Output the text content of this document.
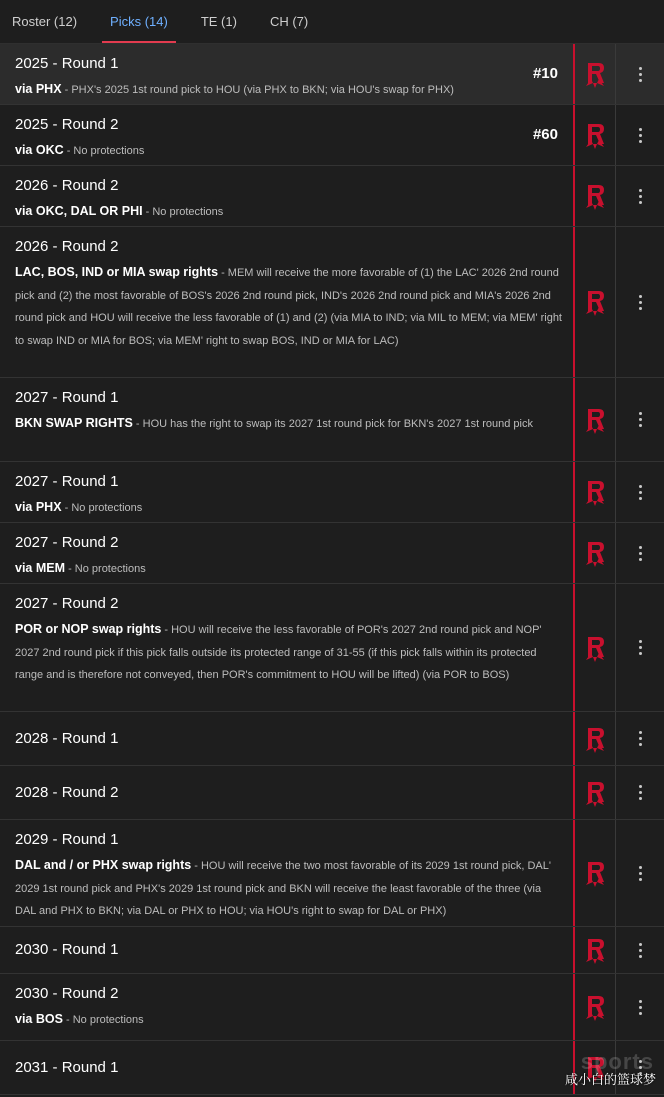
Roster (12)	Picks (14)	TE (1)	CH (7)
2025 - Round 1
via PHX - PHX's 2025 1st round pick to HOU (via PHX to BKN; via HOU's swap for PHX)
#10
2025 - Round 2
via OKC - No protections
#60
2026 - Round 2
via OKC, DAL OR PHI - No protections
2026 - Round 2
LAC, BOS, IND or MIA swap rights - MEM will receive the more favorable of (1) the LAC' 2026 2nd round pick and (2) the most favorable of BOS's 2026 2nd round pick, IND's 2026 2nd round pick and MIA's 2026 2nd round pick and HOU will receive the less favorable of (1) and (2) (via MIA to IND; via MIL to MEM; via MEM' right to swap IND or MIA for BOS; via MEM' right to swap BOS, IND or MIA for LAC)
2027 - Round 1
BKN SWAP RIGHTS - HOU has the right to swap its 2027 1st round pick for BKN's 2027 1st round pick
2027 - Round 1
via PHX - No protections
2027 - Round 2
via MEM - No protections
2027 - Round 2
POR or NOP swap rights - HOU will receive the less favorable of POR's 2027 2nd round pick and NOP' 2027 2nd round pick if this pick falls outside its protected range of 31-55 (if this pick falls within its protected range and is therefore not conveyed, then POR's commitment to HOU will be lifted) (via POR to BOS)
2028 - Round 1
2028 - Round 2
2029 - Round 1
DAL and / or PHX swap rights - HOU will receive the two most favorable of its 2029 1st round pick, DAL' 2029 1st round pick and PHX's 2029 1st round pick and BKN will receive the least favorable of the three (via DAL and PHX to BKN; via DAL or PHX to HOU; via HOU's right to swap for DAL or PHX)
2030 - Round 1
2030 - Round 2
via BOS - No protections
2031 - Round 1	sports
咸小白的篮球梦
